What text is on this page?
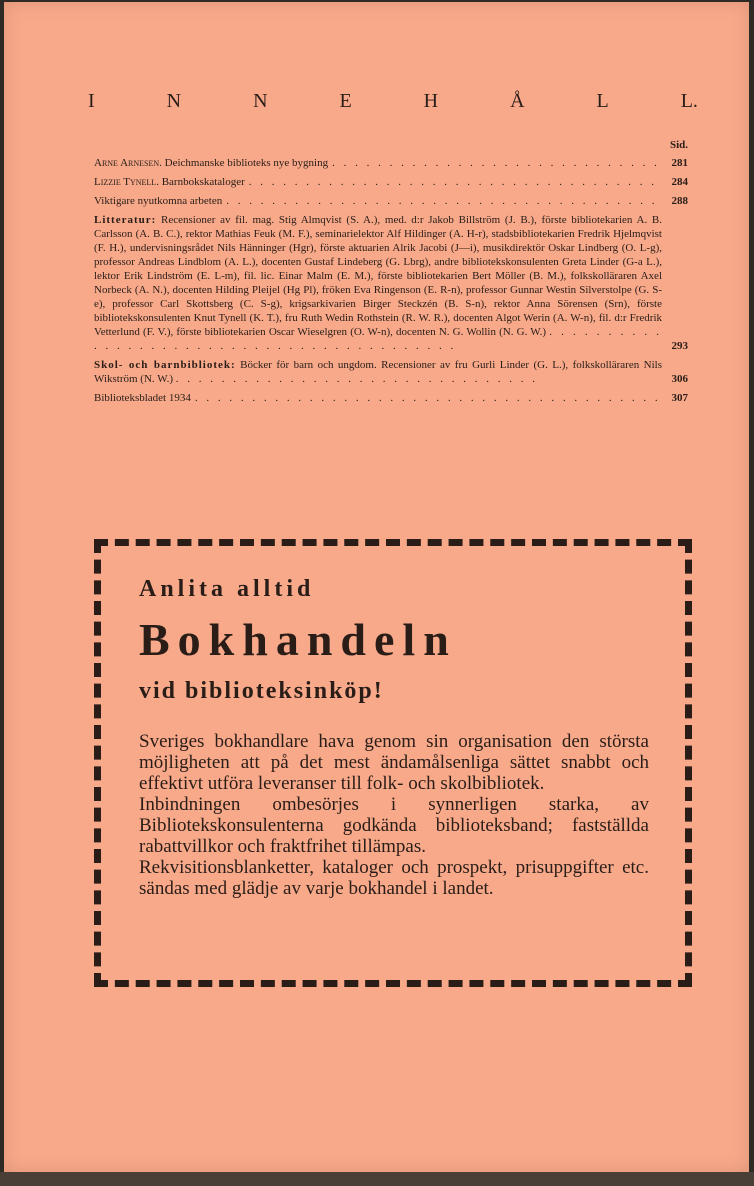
I	N	N	E	H	Å	L	L.
Sid.
Arne Arnesen. Deichmanske biblioteks nye bygning . . .	281
Lizzie Tynell. Barnbokskataloger . . .	284
Viktigare nyutkomna arbeten . . .	288
Litteratur: Recensioner av fil. mag. Stig Almqvist (S. A.), med. d:r Jakob Billström (J. B.), förste bibliotekarien A. B. Carlsson (A. B. C.), rektor Mathias Feuk (M. F.), seminarielektor Alf Hildinger (A. H-r), stadsbibliotekarien Fredrik Hjelmqvist (F. H.), undervisningsrådet Nils Hänninger (Hgr), förste aktuarien Alrik Jacobi (J—i), musikdirektör Oskar Lindberg (O. L-g), professor Andreas Lindblom (A. L.), docenten Gustaf Lindeberg (G. Lbrg), andre bibliotekskonsulenten Greta Linder (G-a L.), lektor Erik Lindström (E. L-m), fil. lic. Einar Malm (E. M.), förste bibliotekarien Bert Möller (B. M.), folkskolläraren Axel Norbeck (A. N.), docenten Hilding Pleijel (Hg Pl), fröken Eva Ringenson (E. R-n), professor Gunnar Westin Silverstolpe (G. S-e), professor Carl Skottsberg (C. S-g), krigsarkivarien Birger Steckzén (B. S-n), rektor Anna Sörensen (Srn), förste bibliotekskonsulenten Knut Tynell (K. T.), fru Ruth Wedin Rothstein (R. W. R.), docenten Algot Werin (A. W-n), fil. d:r Fredrik Vetterlund (F. V.), förste bibliotekarien Oscar Wieselgren (O. W-n), docenten N. G. Wollin (N. G. W.) . . . . . . . . . . . . . . . . . . . . . . . . . . . . . . . . . . . . . . . . . .	293
Skol- och barnbibliotek: Böcker för barn och ungdom. Recensioner av fru Gurli Linder (G. L.), folkskolläraren Nils Wikström (N. W.) . . . . . . . . . . . . . . . . . . . . . . . . . . . . . . . .	306
Biblioteksbladet 1934 . . .	307
Anlita alltid
Bokhandeln
vid biblioteksinköp!

Sveriges bokhandlare hava genom sin organisation den största möjligheten att på det mest ändamålsenliga sättet snabbt och effektivt utföra leveranser till folk- och skolbibliotek.

Inbindningen ombesörjes i synnerligen starka, av Bibliotekskonsulenterna godkända biblioteksband; fastställda rabattvillkor och fraktfrihet tillämpas.

Rekvisitionsblanketter, kataloger och prospekt, prisuppgifter etc. sändas med glädje av varje bokhandel i landet.
